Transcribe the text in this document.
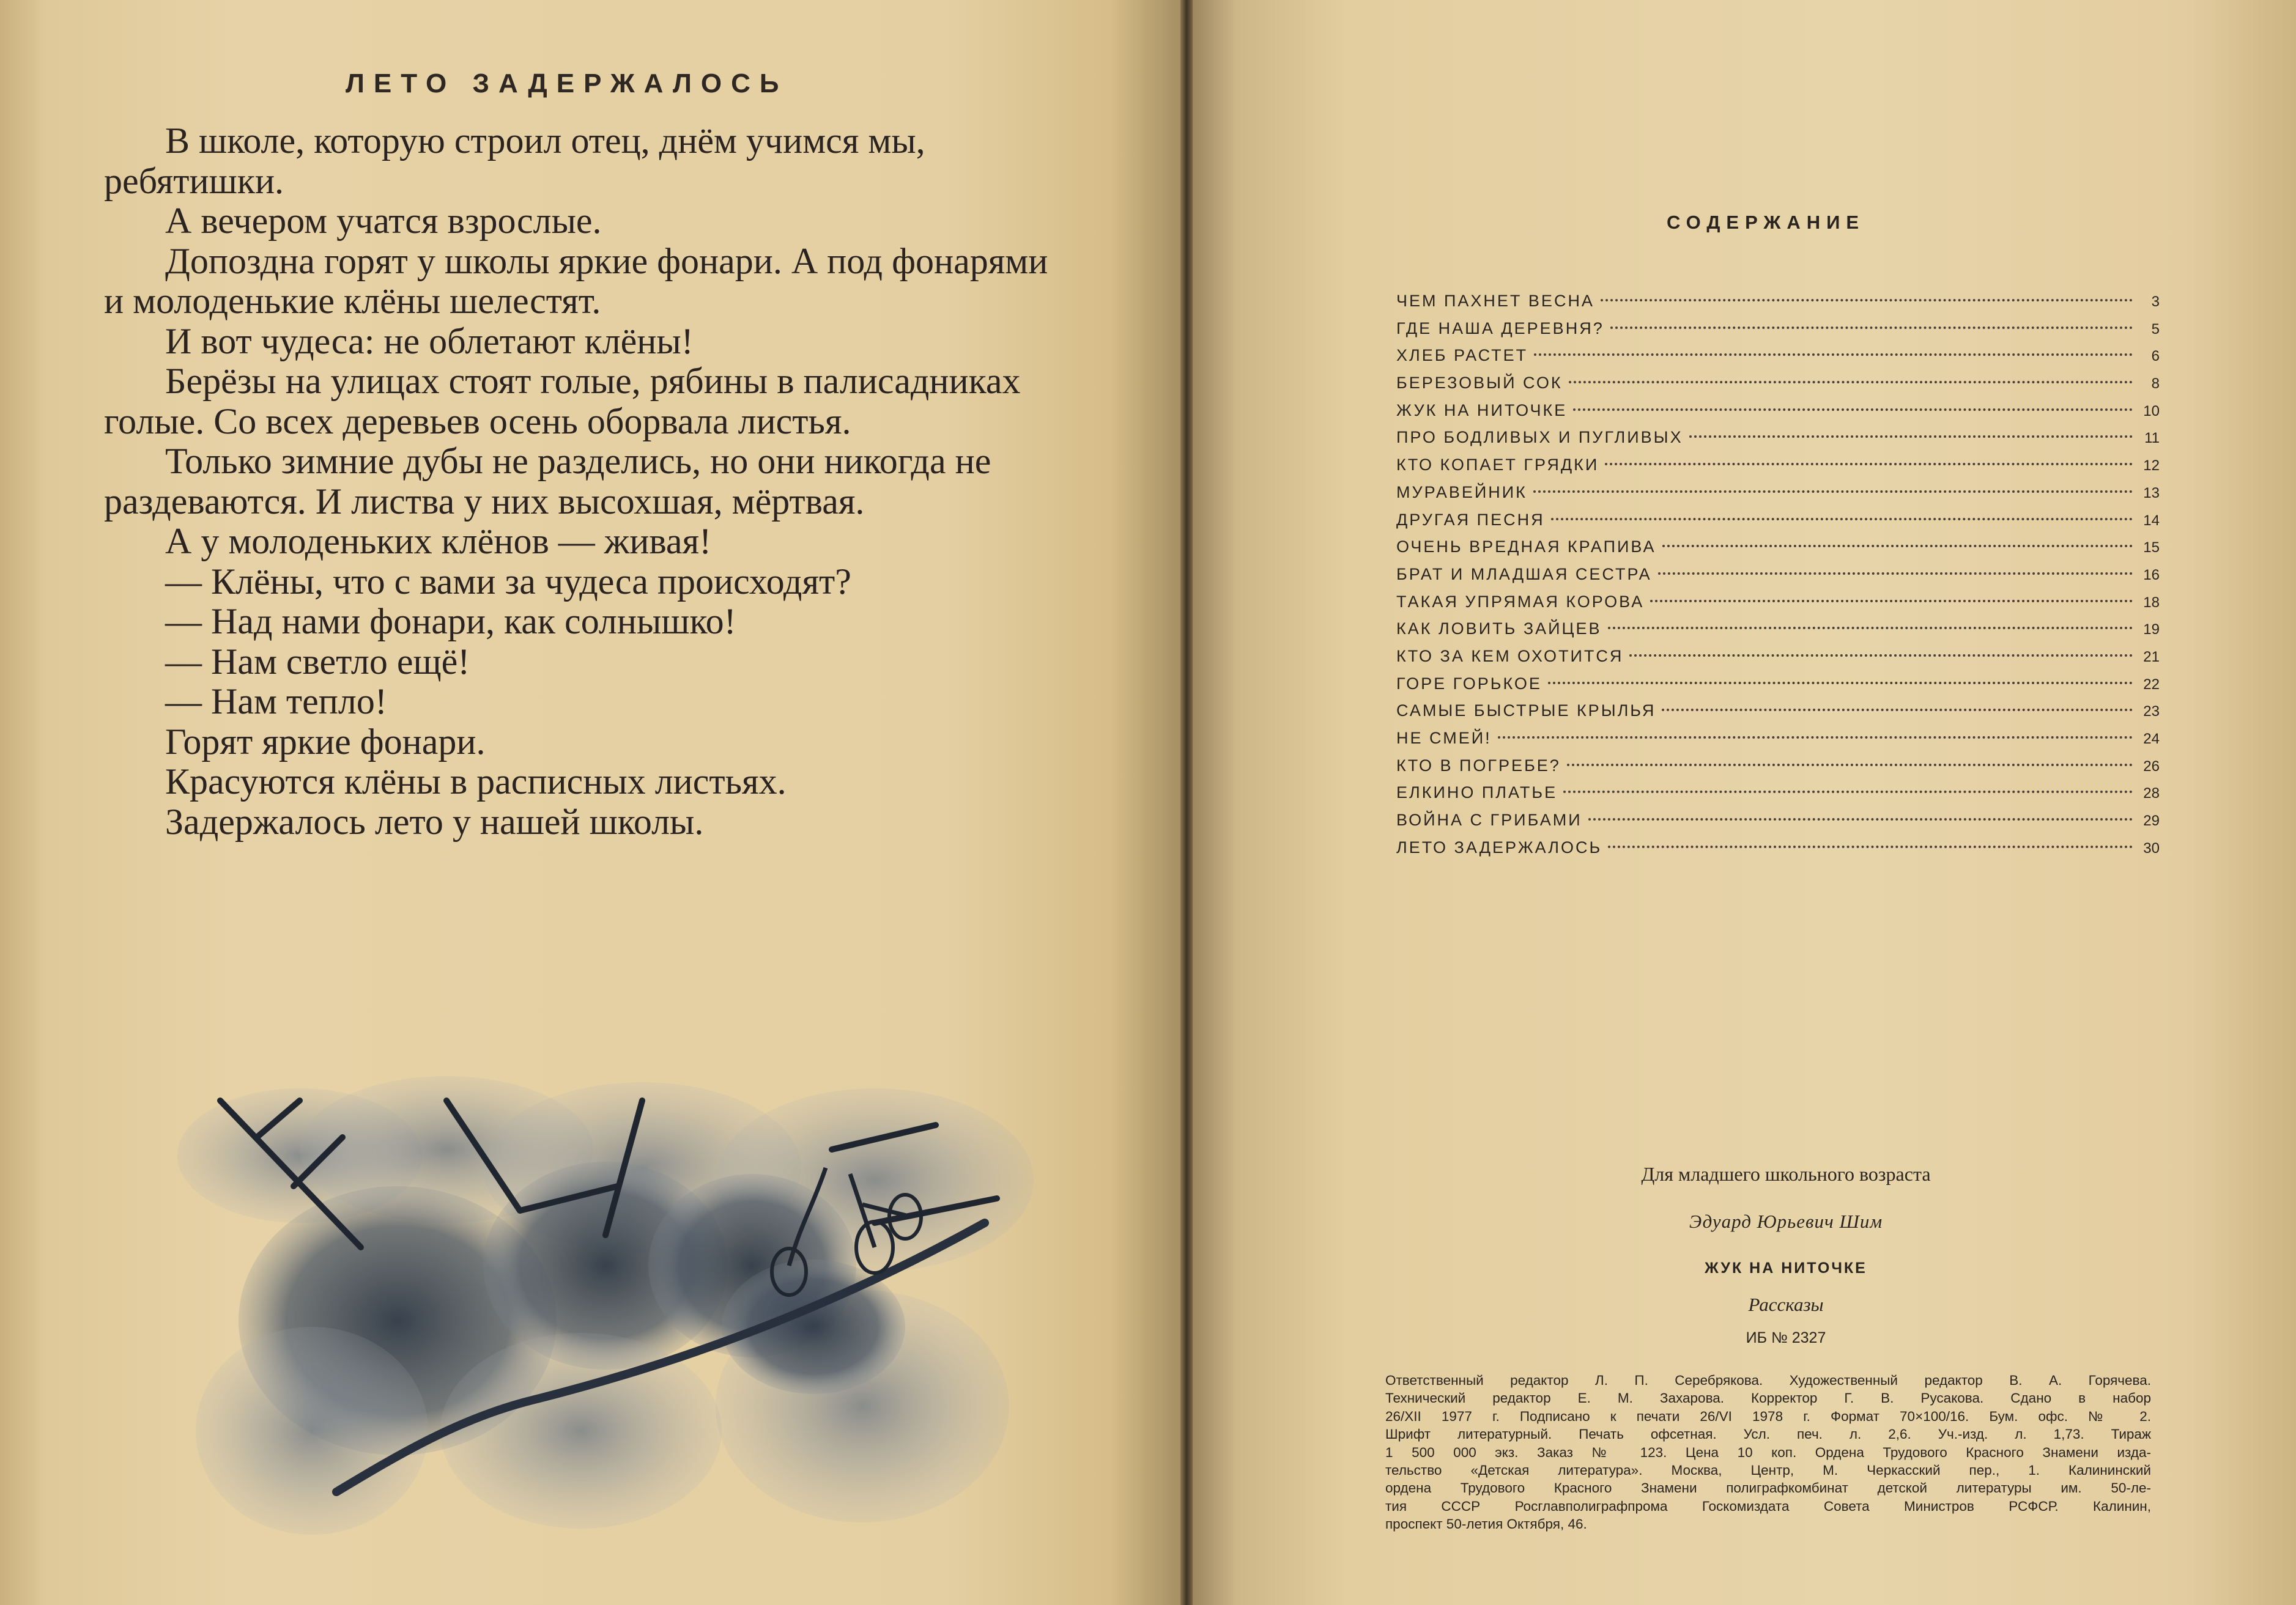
ЛЕТО ЗАДЕРЖАЛОСЬ

В школе, которую строил отец, днём учимся мы, ребятишки.

А вечером учатся взрослые.

Допоздна горят у школы яркие фонари. А под фонарями и молоденькие клёны шелестят.

И вот чудеса: не облетают клёны!

Берёзы на улицах стоят голые, рябины в палисадниках голые. Со всех деревьев осень оборвала листья.

Только зимние дубы не разделись, но они никогда не раздеваются. И листва у них высохшая, мёртвая.

А у молоденьких клёнов — живая!

— Клёны, что с вами за чудеса происходят?

— Над нами фонари, как солнышко!

— Нам светло ещё!

— Нам тепло!

Горят яркие фонари.

Красуются клёны в расписных листьях.

Задержалось лето у нашей школы.

СОДЕРЖАНИЕ
ЧЕМ ПАХНЕТ ВЕСНА	3
ГДЕ НАША ДЕРЕВНЯ?	5
ХЛЕБ РАСТЕТ	6
БЕРЕЗОВЫЙ СОК	8
ЖУК НА НИТОЧКЕ	10
ПРО БОДЛИВЫХ И ПУГЛИВЫХ	11
КТО КОПАЕТ ГРЯДКИ	12
МУРАВЕЙНИК	13
ДРУГАЯ ПЕСНЯ	14
ОЧЕНЬ ВРЕДНАЯ КРАПИВА	15
БРАТ И МЛАДШАЯ СЕСТРА	16
ТАКАЯ УПРЯМАЯ КОРОВА	18
КАК ЛОВИТЬ ЗАЙЦЕВ	19
КТО ЗА КЕМ ОХОТИТСЯ	21
ГОРЕ ГОРЬКОЕ	22
САМЫЕ БЫСТРЫЕ КРЫЛЬЯ	23
НЕ СМЕЙ!	24
КТО В ПОГРЕБЕ?	26
ЕЛКИНО ПЛАТЬЕ	28
ВОЙНА С ГРИБАМИ	29
ЛЕТО ЗАДЕРЖАЛОСЬ	30
Для младшего школьного возраста
Эдуард Юрьевич Шим
ЖУК НА НИТОЧКЕ
Рассказы
ИБ № 2327
Ответственный редактор Л. П. Серебрякова. Художественный редактор В. А. Горячева.
Технический редактор Е. М. Захарова. Корректор Г. В. Русакова. Сдано в набор
26/XII 1977 г. Подписано к печати 26/VI 1978 г. Формат 70×100/16. Бум. офс. № 2.
Шрифт литературный. Печать офсетная. Усл. печ. л. 2,6. Уч.-изд. л. 1,73. Тираж
1 500 000 экз. Заказ № 123. Цена 10 коп. Ордена Трудового Красного Знамени изда-
тельство «Детская литература». Москва, Центр, М. Черкасский пер., 1. Калининский
ордена Трудового Красного Знамени полиграфкомбинат детской литературы им. 50-ле-
тия СССР Росглавполиграфпрома Госкомиздата Совета Министров РСФСР. Калинин,
проспект 50-летия Октября, 46.
